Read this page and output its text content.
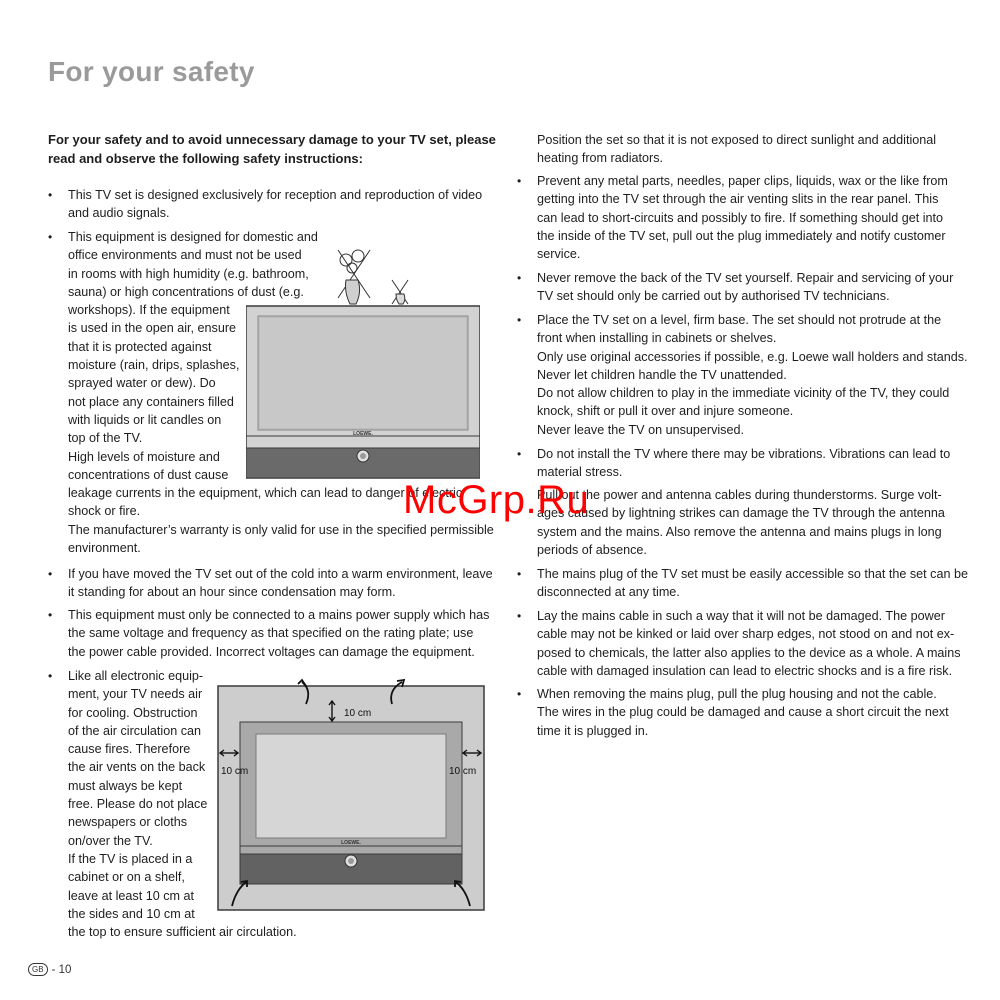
For your safety
For your safety and to avoid unnecessary damage to your TV set, please
read and observe the following safety instructions:
• This TV set is designed exclusively for reception and reproduction of video
and audio signals.
• This equipment is designed for domestic and
office environments and must not be used
in rooms with high humidity (e.g. bathroom,
sauna) or high concentrations of dust (e.g.
workshops). If the equipment
is used in the open air, ensure
that it is protected against
moisture (rain, drips, splashes,
sprayed water or dew). Do
not place any containers filled
with liquids or lit candles on
top of the TV.
High levels of moisture and
concentrations of dust cause
leakage currents in the equipment, which can lead to danger of electric
shock or fire.
The manufacturer’s warranty is only valid for use in the specified permissible
environment.
• If you have moved the TV set out of the cold into a warm environment, leave
it standing for about an hour since condensation may form.
• This equipment must only be connected to a mains power supply which has
the same voltage and frequency as that specified on the rating plate; use
the power cable provided. Incorrect voltages can damage the equipment.
• Like all electronic equip-
ment, your TV needs air
for cooling. Obstruction
of the air circulation can
cause fires. Therefore
the air vents on the back
must always be kept
free. Please do not place
newspapers or cloths
on/over the TV.
If the TV is placed in a
cabinet or on a shelf,
leave at least 10 cm at
the sides and 10 cm at
the top to ensure sufficient air circulation.
Position the set so that it is not exposed to direct sunlight and additional
heating from radiators.
• Prevent any metal parts, needles, paper clips, liquids, wax or the like from
getting into the TV set through the air venting slits in the rear panel. This
can lead to short-circuits and possibly to fire. If something should get into
the inside of the TV set, pull out the plug immediately and notify customer
service.
• Never remove the back of the TV set yourself. Repair and servicing of your
TV set should only be carried out by authorised TV technicians.
• Place the TV set on a level, firm base. The set should not protrude at the
front when installing in cabinets or shelves.
Only use original accessories if possible, e.g. Loewe wall holders and stands.
Never let children handle the TV unattended.
Do not allow children to play in the immediate vicinity of the TV, they could
knock, shift or pull it over and injure someone.
Never leave the TV on unsupervised.
• Do not install the TV where there may be vibrations. Vibrations can lead to
material stress.
• Pull out the power and antenna cables during thunderstorms. Surge volt-
ages caused by lightning strikes can damage the TV through the antenna
system and the mains. Also remove the antenna and mains plugs in long
periods of absence.
• The mains plug of the TV set must be easily accessible so that the set can be
disconnected at any time.
• Lay the mains cable in such a way that it will not be damaged. The power
cable may not be kinked or laid over sharp edges, not stood on and not ex-
posed to chemicals, the latter also applies to the device as a whole. A mains
cable with damaged insulation can lead to electric shocks and is a fire risk.
• When removing the mains plug, pull the plug housing and not the cable.
The wires in the plug could be damaged and cause a short circuit the next
time it is plugged in.
LOEWE.
LOEWE.
10 cm
10 cm	10 cm
McGrp.Ru
GB - 10
